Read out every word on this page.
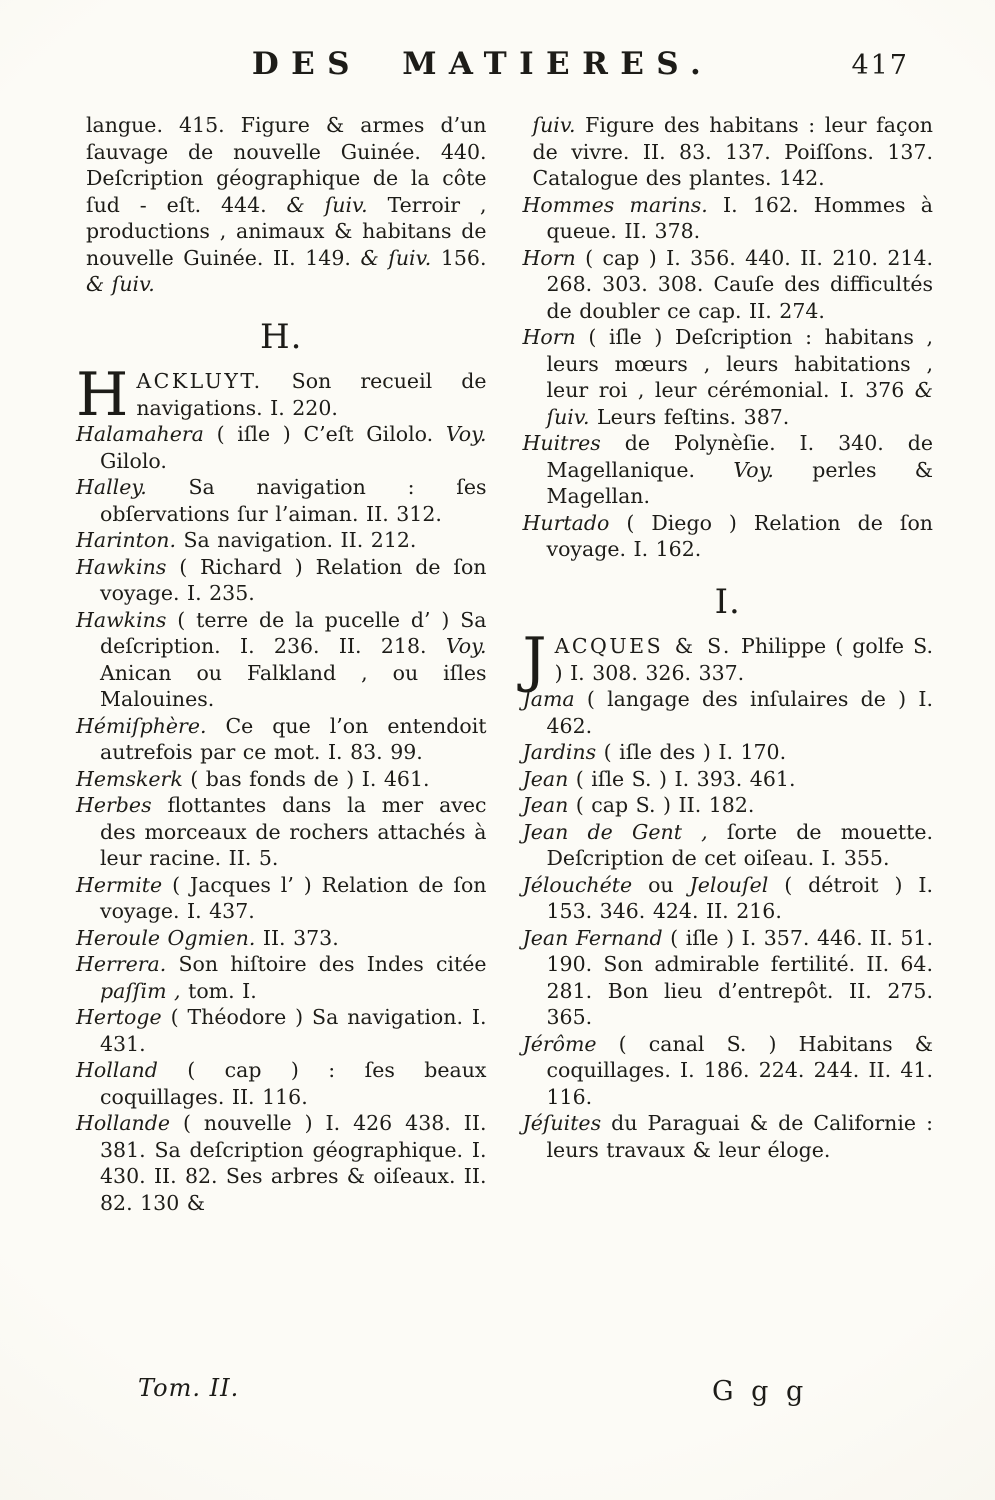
DES MATIERES.	417

langue. 415. Figure & armes d’un ſauvage de nouvelle Guinée. 440. Deſcription géographique de la côte ſud - eſt. 444. & ſuiv. Terroir , productions , animaux & habitans de nouvelle Guinée. II. 149. & ſuiv. 156. & ſuiv.

H.

HACKLUYT. Son recueil de navigations. I. 220.

Halamahera ( iſle ) C’eſt Gilolo. Voy. Gilolo.

Halley. Sa navigation : ſes obſervations ſur l’aiman. II. 312.

Harinton. Sa navigation. II. 212.

Hawkins ( Richard ) Relation de ſon voyage. I. 235.

Hawkins ( terre de la pucelle d’ ) Sa deſcription. I. 236. II. 218. Voy. Anican ou Falkland , ou iſles Malouines.

Hémiſphère. Ce que l’on entendoit autrefois par ce mot. I. 83. 99.

Hemskerk ( bas fonds de ) I. 461.

Herbes flottantes dans la mer avec des morceaux de rochers attachés à leur racine. II. 5.

Hermite ( Jacques l’ ) Relation de ſon voyage. I. 437.

Heroule Ogmien. II. 373.

Herrera. Son hiſtoire des Indes citée paſſim , tom. I.

Hertoge ( Théodore ) Sa navigation. I. 431.

Holland ( cap ) : ſes beaux coquillages. II. 116.

Hollande ( nouvelle ) I. 426 438. II. 381. Sa deſcription géographique. I. 430. II. 82. Ses arbres & oiſeaux. II. 82. 130 &

ſuiv. Figure des habitans : leur façon de vivre. II. 83. 137. Poiſſons. 137. Catalogue des plantes. 142.

Hommes marins. I. 162. Hommes à queue. II. 378.

Horn ( cap ) I. 356. 440. II. 210. 214. 268. 303. 308. Cauſe des difficultés de doubler ce cap. II. 274.

Horn ( iſle ) Deſcription : habitans , leurs mœurs , leurs habitations , leur roi , leur cérémonial. I. 376 & ſuiv. Leurs feſtins. 387.

Huitres de Polynèſie. I. 340. de Magellanique. Voy. perles & Magellan.

Hurtado ( Diego ) Relation de ſon voyage. I. 162.

I.

JACQUES & S. Philippe ( golfe S. ) I. 308. 326. 337.

Jama ( langage des inſulaires de ) I. 462.

Jardins ( iſle des ) I. 170.

Jean ( iſle S. ) I. 393. 461.

Jean ( cap S. ) II. 182.

Jean de Gent , ſorte de mouette. Deſcription de cet oiſeau. I. 355.

Jélouchéte ou Jelouſel ( détroit ) I. 153. 346. 424. II. 216.

Jean Fernand ( iſle ) I. 357. 446. II. 51. 190. Son admirable fertilité. II. 64. 281. Bon lieu d’entrepôt. II. 275. 365.

Jérôme ( canal S. ) Habitans & coquillages. I. 186. 224. 244. II. 41. 116.

Jéſuites du Paraguai & de Californie : leurs travaux & leur éloge.

Tom. II.	G g g
